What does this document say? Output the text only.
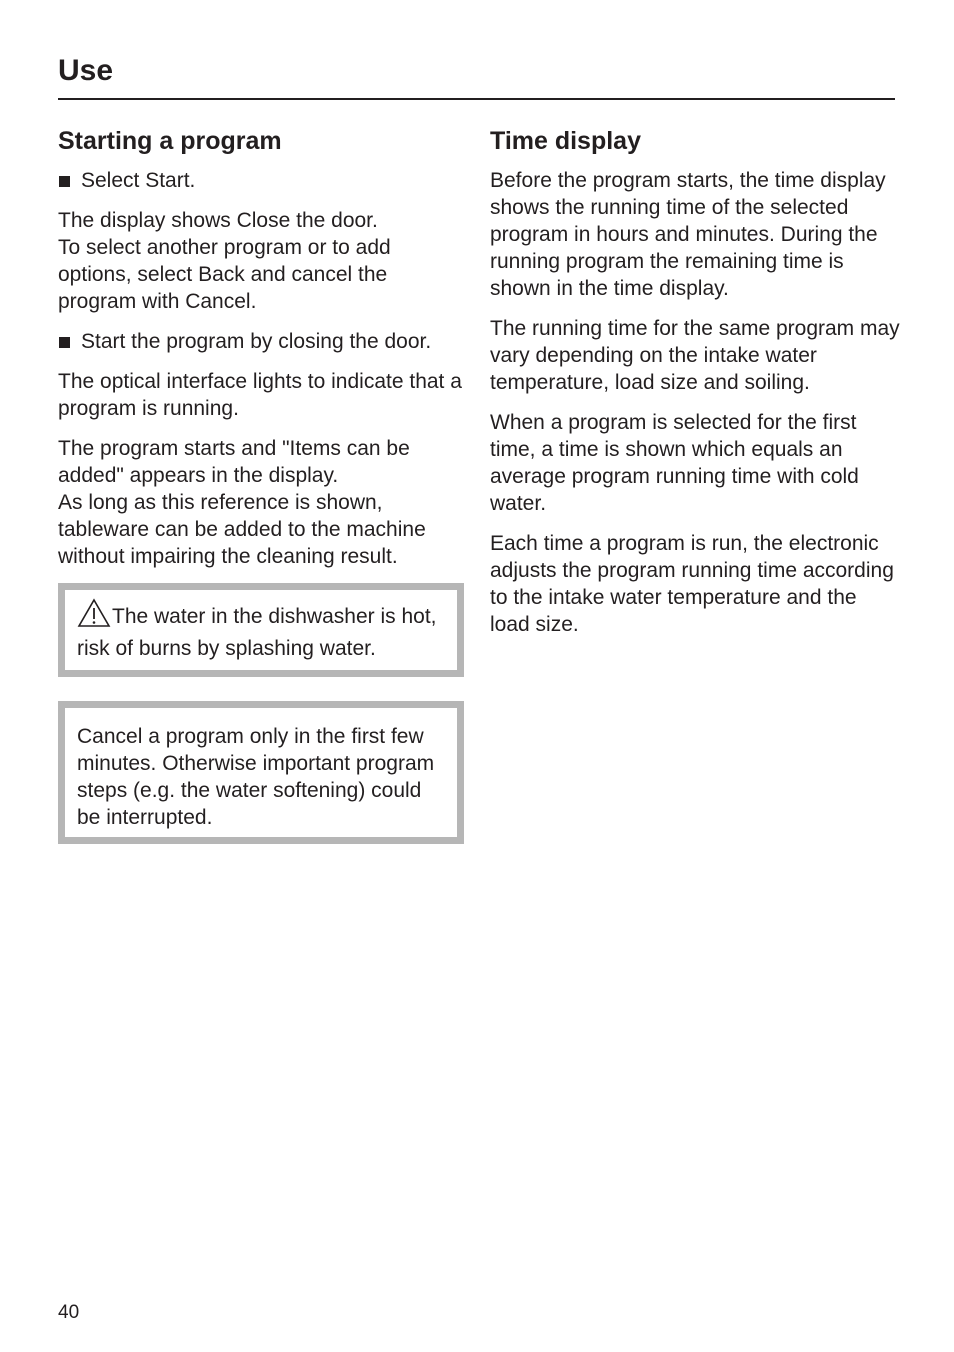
Use
Starting a program
Select Start.

The display shows Close the door.
To select another program or to add options, select Back and cancel the program with Cancel.

Start the program by closing the door.

The optical interface lights to indicate that a program is running.

The program starts and "Items can be added" appears in the display.
As long as this reference is shown, tableware can be added to the machine without impairing the cleaning result.

The water in the dishwasher is hot, risk of burns by splashing water.
Cancel a program only in the first few minutes. Otherwise important program steps (e.g. the water softening) could be interrupted.
Time display

Before the program starts, the time display shows the running time of the selected program in hours and minutes. During the running program the remaining time is shown in the time display.

The running time for the same program may vary depending on the intake water temperature, load size and soiling.

When a program is selected for the first time, a time is shown which equals an average program running time with cold water.

Each time a program is run, the electronic adjusts the program running time according to the intake water temperature and the load size.

40
